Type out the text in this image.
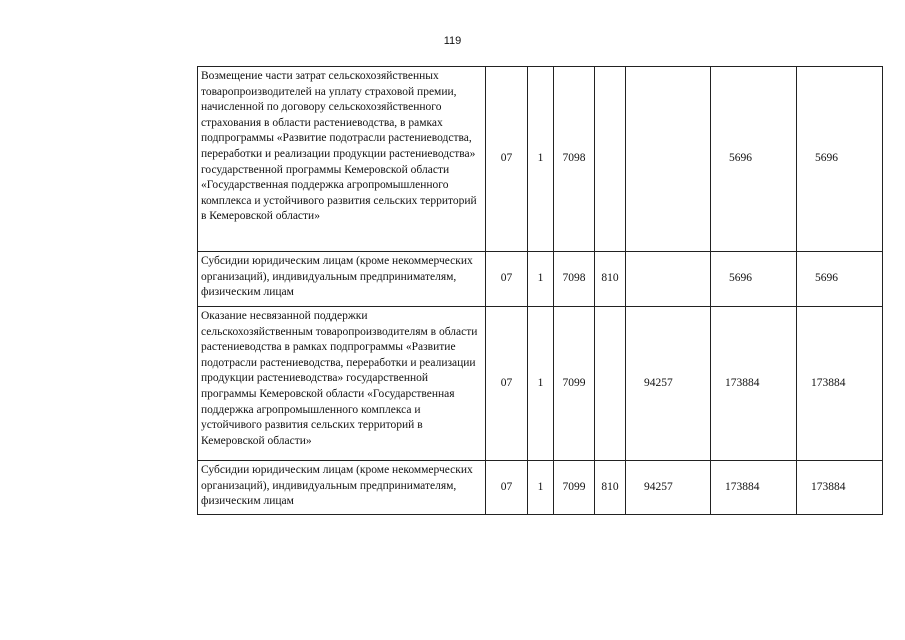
119
Возмещение части затрат сельскохозяйственных товаропроизводителей на уплату страховой премии, начисленной по договору сельскохозяйственного страхования в области растениеводства, в рамках подпрограммы «Развитие подотрасли растениеводства, переработки и реализации продукции растениеводства» государственной программы Кемеровской области «Государственная поддержка агропромышленного комплекса и устойчивого развития сельских территорий в Кемеровской области»	07	1	7098			5696	5696
Субсидии юридическим лицам (кроме некоммерческих организаций), индивидуальным предпринимателям, физическим лицам	07	1	7098	810		5696	5696
Оказание несвязанной поддержки сельскохозяйственным товаропроизводителям в области растениеводства в рамках подпрограммы «Развитие подотрасли растениеводства, переработки и реализации продукции растениеводства» государственной программы Кемеровской области «Государственная поддержка агропромышленного комплекса и устойчивого развития сельских территорий в Кемеровской области»	07	1	7099		94257	173884	173884
Субсидии юридическим лицам (кроме некоммерческих организаций), индивидуальным предпринимателям, физическим лицам	07	1	7099	810	94257	173884	173884
